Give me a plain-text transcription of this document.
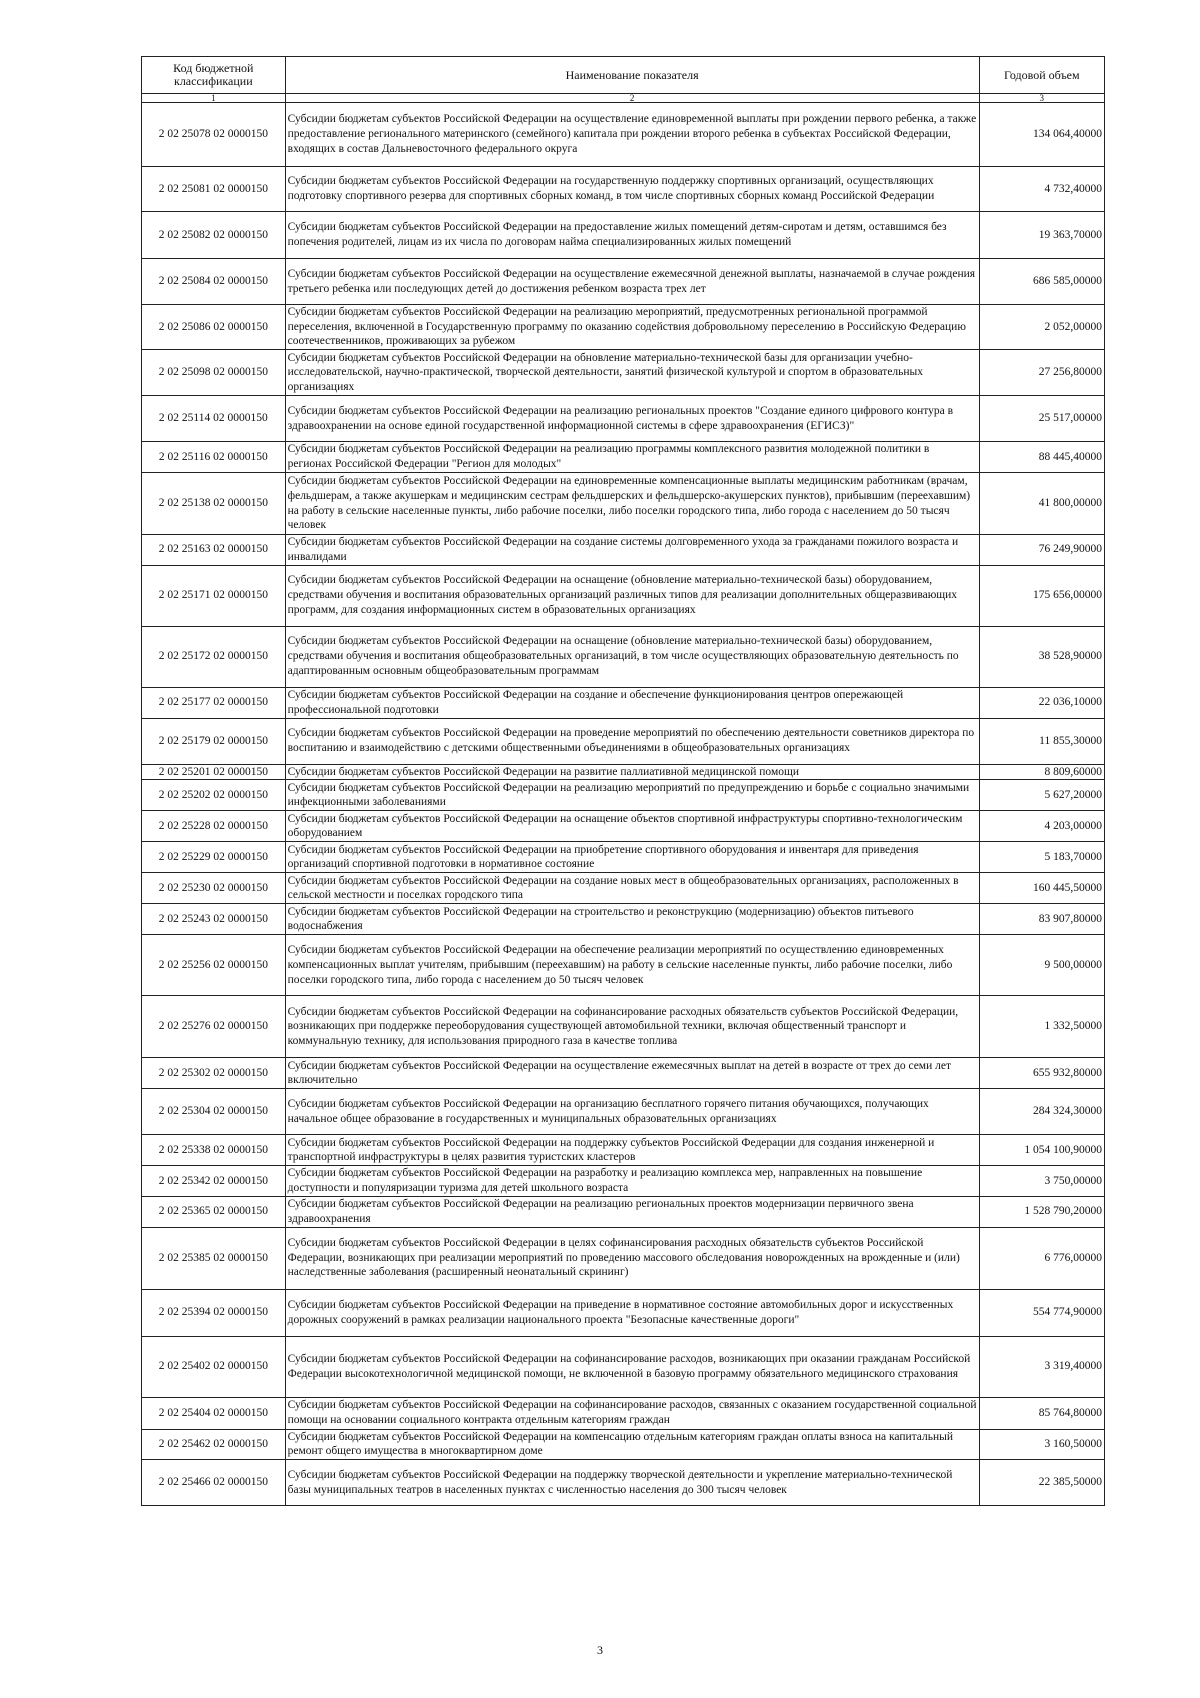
Код бюджетной классификации	Наименование показателя	Годовой объем
1	2	3
2 02 25078 02 0000150	Субсидии бюджетам субъектов Российской Федерации на осуществление единовременной выплаты при рождении первого ребенка, а также предоставление регионального материнского (семейного) капитала при рождении второго ребенка в субъектах Российской Федерации, входящих в состав Дальневосточного федерального округа	134 064,40000
2 02 25081 02 0000150	Субсидии бюджетам субъектов Российской Федерации на государственную поддержку спортивных организаций, осуществляющих подготовку спортивного резерва для спортивных сборных команд, в том числе спортивных сборных команд Российской Федерации	4 732,40000
2 02 25082 02 0000150	Субсидии бюджетам субъектов Российской Федерации на предоставление жилых помещений детям-сиротам и детям, оставшимся без попечения родителей, лицам из их числа по договорам найма специализированных жилых помещений	19 363,70000
2 02 25084 02 0000150	Субсидии бюджетам субъектов Российской Федерации на осуществление ежемесячной денежной выплаты, назначаемой в случае рождения третьего ребенка или последующих детей до достижения ребенком возраста трех лет	686 585,00000
2 02 25086 02 0000150	Субсидии бюджетам субъектов Российской Федерации на реализацию мероприятий, предусмотренных региональной программой переселения, включенной в Государственную программу по оказанию содействия добровольному переселению в Российскую Федерацию соотечественников, проживающих за рубежом	2 052,00000
2 02 25098 02 0000150	Субсидии бюджетам субъектов Российской Федерации на обновление материально-технической базы для организации учебно-исследовательской, научно-практической, творческой деятельности, занятий физической культурой и спортом в образовательных организациях	27 256,80000
2 02 25114 02 0000150	Субсидии бюджетам субъектов Российской Федерации на реализацию региональных проектов "Создание единого цифрового контура в здравоохранении на основе единой государственной информационной системы в сфере здравоохранения (ЕГИСЗ)"	25 517,00000
2 02 25116 02 0000150	Субсидии бюджетам субъектов Российской Федерации на реализацию программы комплексного развития молодежной политики в регионах Российской Федерации "Регион для молодых"	88 445,40000
2 02 25138 02 0000150	Субсидии бюджетам субъектов Российской Федерации на единовременные компенсационные выплаты медицинским работникам (врачам, фельдшерам, а также акушеркам и медицинским сестрам фельдшерских и фельдшерско-акушерских пунктов), прибывшим (переехавшим) на работу в сельские населенные пункты, либо рабочие поселки, либо поселки городского типа, либо города с населением до 50 тысяч человек	41 800,00000
2 02 25163 02 0000150	Субсидии бюджетам субъектов Российской Федерации на создание системы долговременного ухода за гражданами пожилого возраста и инвалидами	76 249,90000
2 02 25171 02 0000150	Субсидии бюджетам субъектов Российской Федерации на оснащение (обновление материально-технической базы) оборудованием, средствами обучения и воспитания образовательных организаций различных типов для реализации дополнительных общеразвивающих программ, для создания информационных систем в образовательных организациях	175 656,00000
2 02 25172 02 0000150	Субсидии бюджетам субъектов Российской Федерации на оснащение (обновление материально-технической базы) оборудованием, средствами обучения и воспитания общеобразовательных организаций, в том числе осуществляющих образовательную деятельность по адаптированным основным общеобразовательным программам	38 528,90000
2 02 25177 02 0000150	Субсидии бюджетам субъектов Российской Федерации на создание и обеспечение функционирования центров опережающей профессиональной подготовки	22 036,10000
2 02 25179 02 0000150	Субсидии бюджетам субъектов Российской Федерации на проведение мероприятий по обеспечению деятельности советников директора по воспитанию и взаимодействию с детскими общественными объединениями в общеобразовательных организациях	11 855,30000
2 02 25201 02 0000150	Субсидии бюджетам субъектов Российской Федерации на развитие паллиативной медицинской помощи	8 809,60000
2 02 25202 02 0000150	Субсидии бюджетам субъектов Российской Федерации на реализацию мероприятий по предупреждению и борьбе с социально значимыми инфекционными заболеваниями	5 627,20000
2 02 25228 02 0000150	Субсидии бюджетам субъектов Российской Федерации на оснащение объектов спортивной инфраструктуры спортивно-технологическим оборудованием	4 203,00000
2 02 25229 02 0000150	Субсидии бюджетам субъектов Российской Федерации на приобретение спортивного оборудования и инвентаря для приведения организаций спортивной подготовки в нормативное состояние	5 183,70000
2 02 25230 02 0000150	Субсидии бюджетам субъектов Российской Федерации на создание новых мест в общеобразовательных организациях, расположенных в сельской местности и поселках городского типа	160 445,50000
2 02 25243 02 0000150	Субсидии бюджетам субъектов Российской Федерации на строительство и реконструкцию (модернизацию) объектов питьевого водоснабжения	83 907,80000
2 02 25256 02 0000150	Субсидии бюджетам субъектов Российской Федерации на обеспечение реализации мероприятий по осуществлению единовременных компенсационных выплат учителям, прибывшим (переехавшим) на работу в сельские населенные пункты, либо рабочие поселки, либо поселки городского типа, либо города с населением до 50 тысяч человек	9 500,00000
2 02 25276 02 0000150	Субсидии бюджетам субъектов Российской Федерации на софинансирование расходных обязательств субъектов Российской Федерации, возникающих при поддержке переоборудования существующей автомобильной техники, включая общественный транспорт и коммунальную технику, для использования природного газа в качестве топлива	1 332,50000
2 02 25302 02 0000150	Субсидии бюджетам субъектов Российской Федерации на осуществление ежемесячных выплат на детей в возрасте от трех до семи лет включительно	655 932,80000
2 02 25304 02 0000150	Субсидии бюджетам субъектов Российской Федерации на организацию бесплатного горячего питания обучающихся, получающих начальное общее образование в государственных и муниципальных образовательных организациях	284 324,30000
2 02 25338 02 0000150	Субсидии бюджетам субъектов Российской Федерации на поддержку субъектов Российской Федерации для создания инженерной и транспортной инфраструктуры в целях развития туристских кластеров	1 054 100,90000
2 02 25342 02 0000150	Субсидии бюджетам субъектов Российской Федерации на разработку и реализацию комплекса мер, направленных на повышение доступности и популяризации туризма для детей школьного возраста	3 750,00000
2 02 25365 02 0000150	Субсидии бюджетам субъектов Российской Федерации на реализацию региональных проектов модернизации первичного звена здравоохранения	1 528 790,20000
2 02 25385 02 0000150	Субсидии бюджетам субъектов Российской Федерации в целях софинансирования расходных обязательств субъектов Российской Федерации, возникающих при реализации мероприятий по проведению массового обследования новорожденных на врожденные и (или) наследственные заболевания (расширенный неонатальный скрининг)	6 776,00000
2 02 25394 02 0000150	Субсидии бюджетам субъектов Российской Федерации на приведение в нормативное состояние автомобильных дорог и искусственных дорожных сооружений в рамках реализации национального проекта "Безопасные качественные дороги"	554 774,90000
2 02 25402 02 0000150	Субсидии бюджетам субъектов Российской Федерации на софинансирование расходов, возникающих при оказании гражданам Российской Федерации высокотехнологичной медицинской помощи, не включенной в базовую программу обязательного медицинского страхования	3 319,40000
2 02 25404 02 0000150	Субсидии бюджетам субъектов Российской Федерации на софинансирование расходов, связанных с оказанием государственной социальной помощи на основании социального контракта отдельным категориям граждан	85 764,80000
2 02 25462 02 0000150	Субсидии бюджетам субъектов Российской Федерации на компенсацию отдельным категориям граждан оплаты взноса на капитальный ремонт общего имущества в многоквартирном доме	3 160,50000
2 02 25466 02 0000150	Субсидии бюджетам субъектов Российской Федерации на поддержку творческой деятельности и укрепление материально-технической базы муниципальных театров в населенных пунктах с численностью населения до 300 тысяч человек	22 385,50000
3
